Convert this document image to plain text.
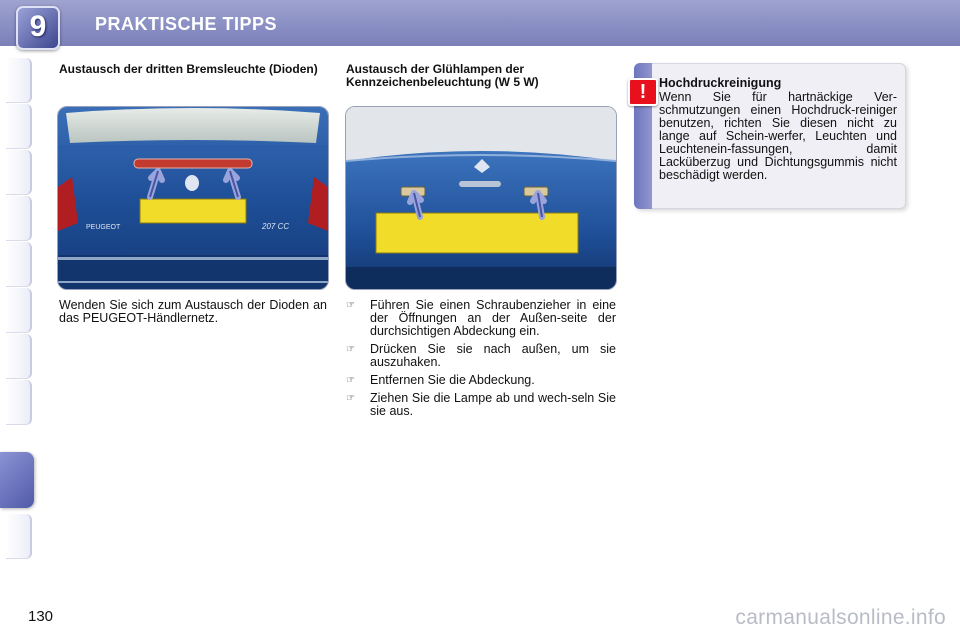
9	PRAKTISCHE TIPPS
Austausch der dritten Bremsleuchte (Dioden)
PEUGEOT	207 CC
Wenden Sie sich zum Austausch der Dioden an das PEUGEOT-Händlernetz.
Austausch der Glühlampen der Kennzeichenbeleuchtung (W 5 W)
☞ Führen Sie einen Schraubenzieher in eine der Öffnungen an der Außen-seite der durchsichtigen Abdeckung ein.
☞ Drücken Sie sie nach außen, um sie auszuhaken.
☞ Entfernen Sie die Abdeckung.
☞ Ziehen Sie die Lampe ab und wech-seln Sie sie aus.
!	Hochdruckreinigung
Wenn Sie für hartnäckige Ver-schmutzungen einen Hochdruck-reiniger benutzen, richten Sie diesen nicht zu lange auf Schein-werfer, Leuchten und Leuchtenein-fassungen, damit Lacküberzug und Dichtungsgummis nicht beschädigt werden.
130	carmanualsonline.info
